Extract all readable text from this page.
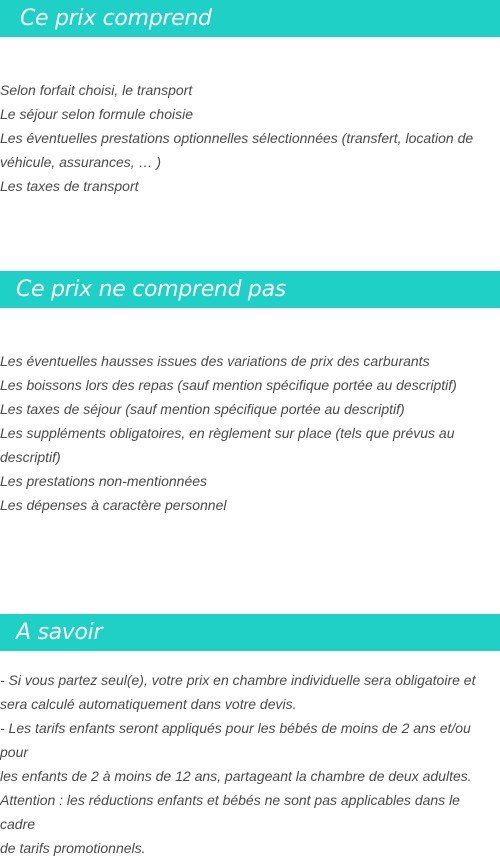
Ce prix comprend
Selon forfait choisi, le transport
Le séjour selon formule choisie
Les éventuelles prestations optionnelles sélectionnées (transfert, location de
véhicule, assurances, … )
Les taxes de transport
Ce prix ne comprend pas
Les éventuelles hausses issues des variations de prix des carburants
Les boissons lors des repas (sauf mention spécifique portée au descriptif)
Les taxes de séjour (sauf mention spécifique portée au descriptif)
Les suppléments obligatoires, en règlement sur place (tels que prévus au
descriptif)
Les prestations non-mentionnées
Les dépenses à caractère personnel
A savoir
- Si vous partez seul(e), votre prix en chambre individuelle sera obligatoire et
sera calculé automatiquement dans votre devis.
- Les tarifs enfants seront appliqués pour les bébés de moins de 2 ans et/ou pour
les enfants de 2 à moins de 12 ans, partageant la chambre de deux adultes.
Attention : les réductions enfants et bébés ne sont pas applicables dans le cadre
de tarifs promotionnels.
